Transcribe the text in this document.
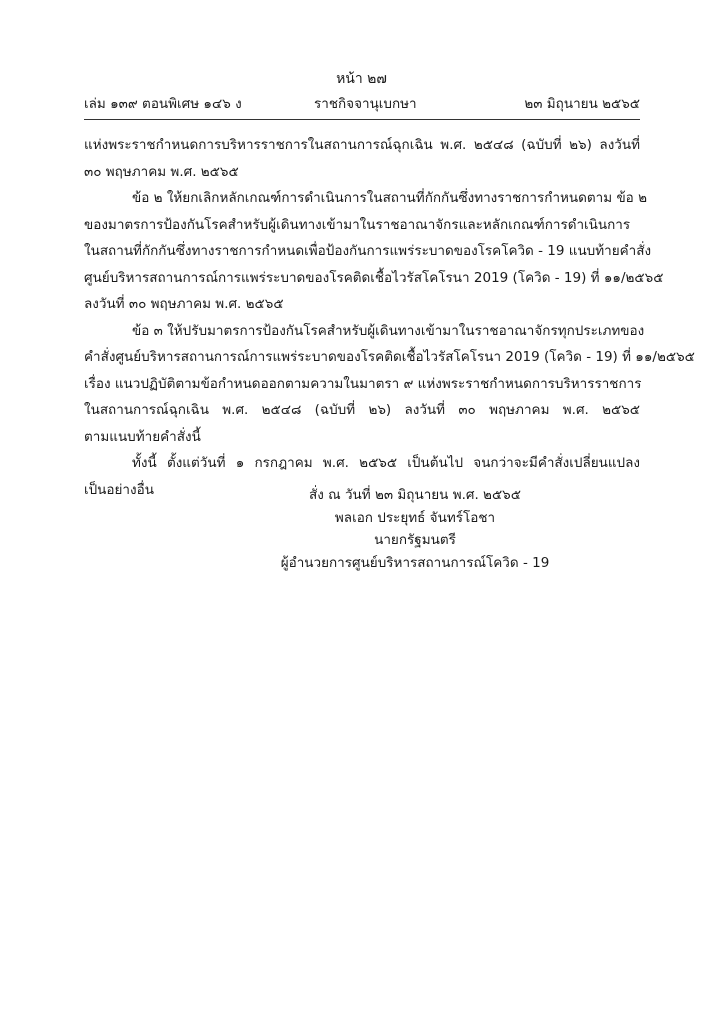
หน้า ๒๗
เล่ม ๑๓๙ ตอนพิเศษ ๑๔๖ ง	ราชกิจจานุเบกษา	๒๓ มิถุนายน ๒๕๖๕
แห่งพระราชกำหนดการบริหารราชการในสถานการณ์ฉุกเฉิน พ.ศ. ๒๕๔๘ (ฉบับที่ ๒๖) ลงวันที่
๓๐ พฤษภาคม พ.ศ. ๒๕๖๕
ข้อ ๒ ให้ยกเลิกหลักเกณฑ์การดำเนินการในสถานที่กักกันซึ่งทางราชการกำหนดตาม ข้อ ๒
ของมาตรการป้องกันโรคสำหรับผู้เดินทางเข้ามาในราชอาณาจักรและหลักเกณฑ์การดำเนินการ
ในสถานที่กักกันซึ่งทางราชการกำหนดเพื่อป้องกันการแพร่ระบาดของโรคโควิด - 19 แนบท้ายคำสั่ง
ศูนย์บริหารสถานการณ์การแพร่ระบาดของโรคติดเชื้อไวรัสโคโรนา 2019 (โควิด - 19) ที่ ๑๑/๒๕๖๕
ลงวันที่ ๓๐ พฤษภาคม พ.ศ. ๒๕๖๕
ข้อ ๓ ให้ปรับมาตรการป้องกันโรคสำหรับผู้เดินทางเข้ามาในราชอาณาจักรทุกประเภทของ
คำสั่งศูนย์บริหารสถานการณ์การแพร่ระบาดของโรคติดเชื้อไวรัสโคโรนา 2019 (โควิด - 19) ที่ ๑๑/๒๕๖๕
เรื่อง แนวปฏิบัติตามข้อกำหนดออกตามความในมาตรา ๙ แห่งพระราชกำหนดการบริหารราชการ
ในสถานการณ์ฉุกเฉิน พ.ศ. ๒๕๔๘ (ฉบับที่ ๒๖) ลงวันที่ ๓๐ พฤษภาคม พ.ศ. ๒๕๖๕
ตามแนบท้ายคำสั่งนี้
ทั้งนี้ ตั้งแต่วันที่ ๑ กรกฎาคม พ.ศ. ๒๕๖๕ เป็นต้นไป จนกว่าจะมีคำสั่งเปลี่ยนแปลง
เป็นอย่างอื่น	สั่ง ณ วันที่ ๒๓ มิถุนายน พ.ศ. ๒๕๖๕
พลเอก ประยุทธ์ จันทร์โอชา
นายกรัฐมนตรี
ผู้อำนวยการศูนย์บริหารสถานการณ์โควิด - 19
